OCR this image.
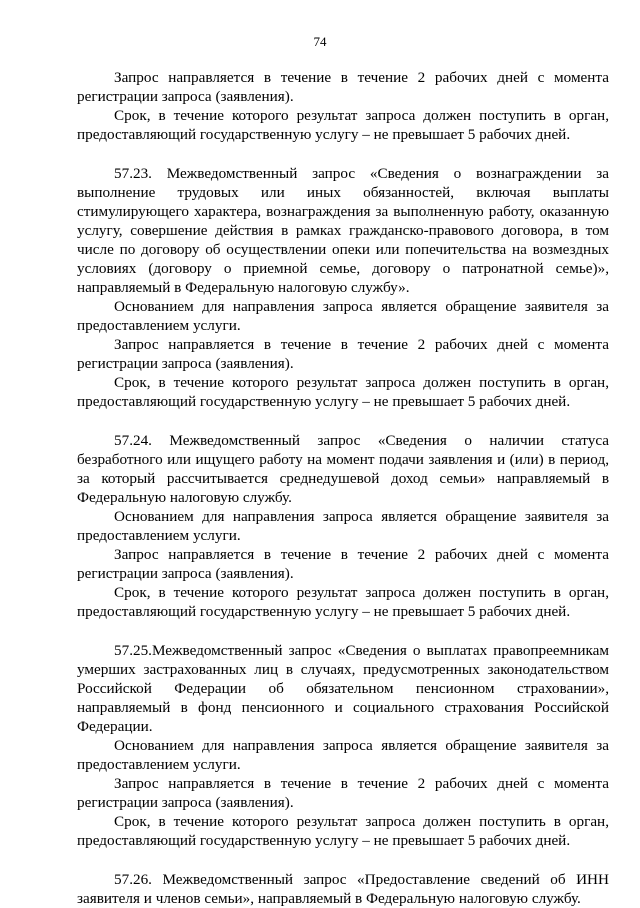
74

Запрос направляется в течение в течение 2 рабочих дней с момента регистрации запроса (заявления).

Срок, в течение которого результат запроса должен поступить в орган, предоставляющий государственную услугу – не превышает 5 рабочих дней.

57.23. Межведомственный запрос «Сведения о вознаграждении за выполнение трудовых или иных обязанностей, включая выплаты стимулирующего характера, вознаграждения за выполненную работу, оказанную услугу, совершение действия в рамках гражданско-правового договора, в том числе по договору об осуществлении опеки или попечительства на возмездных условиях (договору о приемной семье, договору о патронатной семье)», направляемый в Федеральную налоговую службу».

Основанием для направления запроса является обращение заявителя за предоставлением услуги.

Запрос направляется в течение в течение 2 рабочих дней с момента регистрации запроса (заявления).

Срок, в течение которого результат запроса должен поступить в орган, предоставляющий государственную услугу – не превышает 5 рабочих дней.

57.24. Межведомственный запрос «Сведения о наличии статуса безработного или ищущего работу на момент подачи заявления и (или) в период, за который рассчитывается среднедушевой доход семьи» направляемый в Федеральную налоговую службу.

Основанием для направления запроса является обращение заявителя за предоставлением услуги.

Запрос направляется в течение в течение 2 рабочих дней с момента регистрации запроса (заявления).

Срок, в течение которого результат запроса должен поступить в орган, предоставляющий государственную услугу – не превышает 5 рабочих дней.

57.25.Межведомственный запрос «Сведения о выплатах правопреемникам умерших застрахованных лиц в случаях, предусмотренных законодательством Российской Федерации об обязательном пенсионном страховании», направляемый в фонд пенсионного и социального страхования Российской Федерации.

Основанием для направления запроса является обращение заявителя за предоставлением услуги.

Запрос направляется в течение в течение 2 рабочих дней с момента регистрации запроса (заявления).

Срок, в течение которого результат запроса должен поступить в орган, предоставляющий государственную услугу – не превышает 5 рабочих дней.

57.26. Межведомственный запрос «Предоставление сведений об ИНН заявителя и членов семьи», направляемый в Федеральную налоговую службу.
